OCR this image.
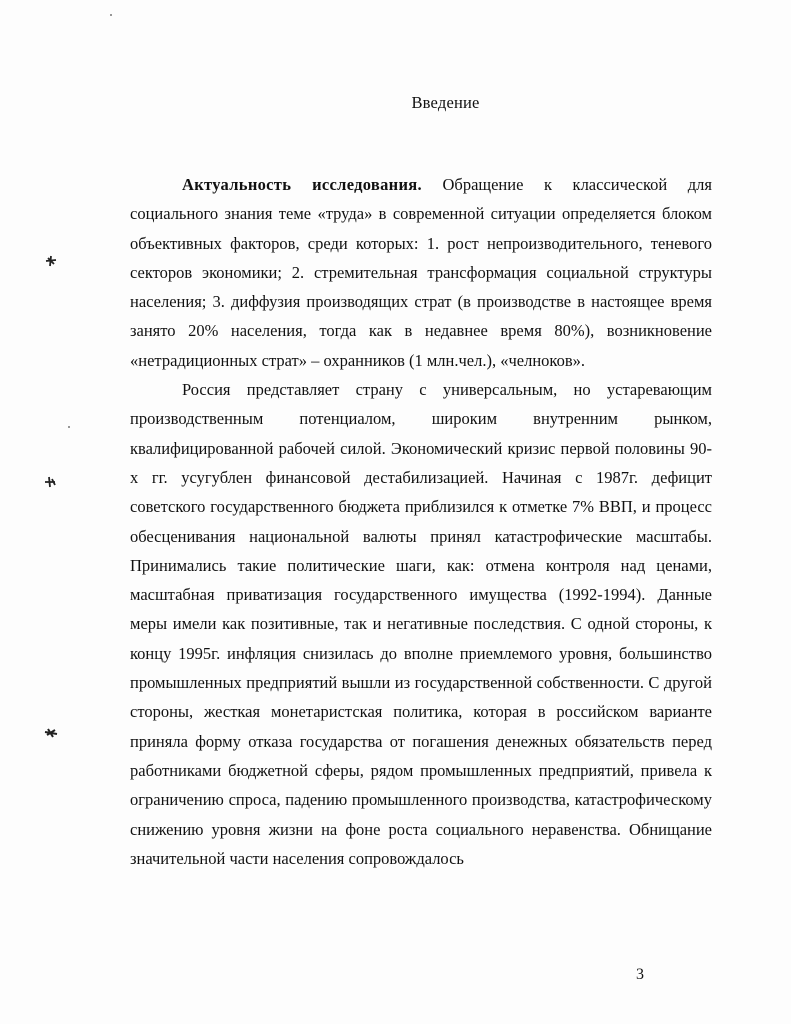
Введение

Актуальность исследования. Обращение к классической для социального знания теме «труда» в современной ситуации определяется блоком объективных факторов, среди которых: 1. рост непроизводительного, теневого секторов экономики; 2. стремительная трансформация социальной структуры населения; 3. диффузия производящих страт (в производстве в настоящее время занято 20% населения, тогда как в недавнее время 80%), возникновение «нетрадиционных страт» – охранников (1 млн.чел.), «челноков».

Россия представляет страну с универсальным, но устаревающим производственным потенциалом, широким внутренним рынком, квалифицированной рабочей силой. Экономический кризис первой половины 90-х гг. усугублен финансовой дестабилизацией. Начиная с 1987г. дефицит советского государственного бюджета приблизился к отметке 7% ВВП, и процесс обесценивания национальной валюты принял катастрофические масштабы. Принимались такие политические шаги, как: отмена контроля над ценами, масштабная приватизация государственного имущества (1992-1994). Данные меры имели как позитивные, так и негативные последствия. С одной стороны, к концу 1995г. инфляция снизилась до вполне приемлемого уровня, большинство промышленных предприятий вышли из государственной собственности. С другой стороны, жесткая монетаристская политика, которая в российском варианте приняла форму отказа государства от погашения денежных обязательств перед работниками бюджетной сферы, рядом промышленных предприятий, привела к ограничению спроса, падению промышленного производства, катастрофическому снижению уровня жизни на фоне роста социального неравенства. Обнищание значительной части населения сопровождалось

3
